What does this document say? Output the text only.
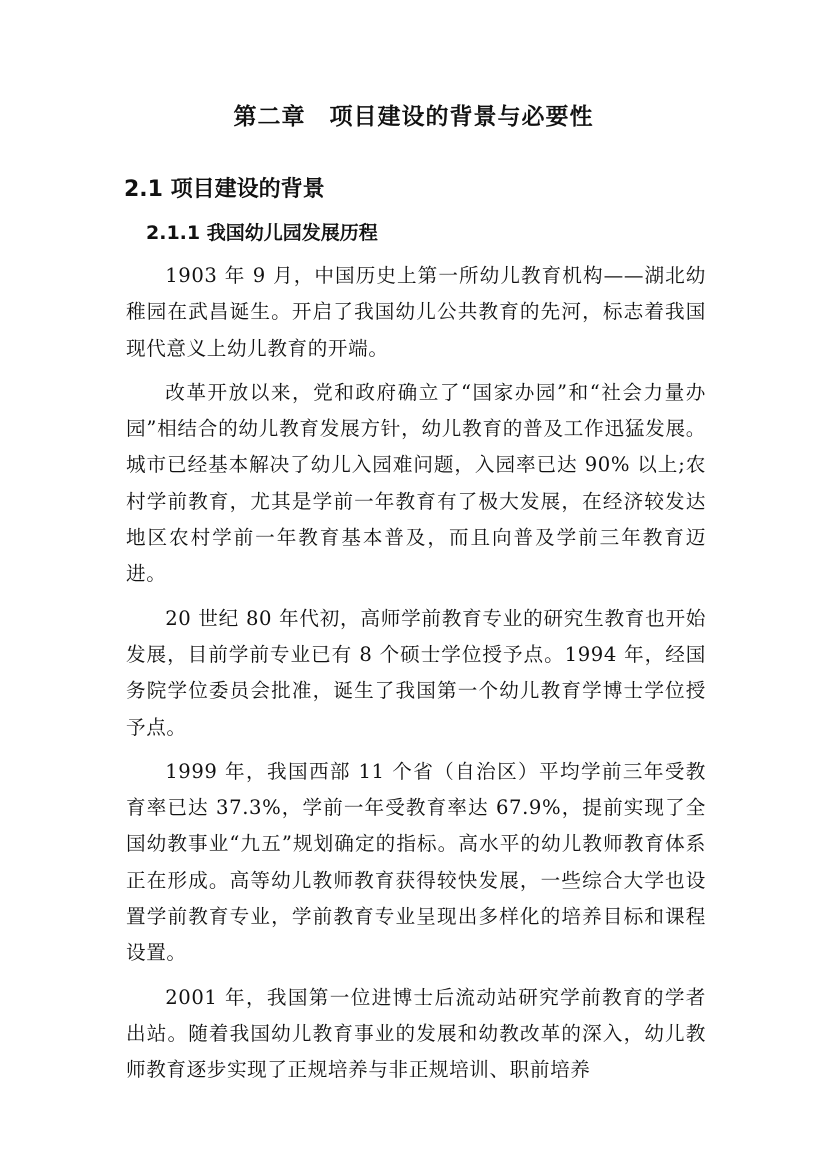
第二章　项目建设的背景与必要性
2.1 项目建设的背景
2.1.1 我国幼儿园发展历程

1903 年 9 月，中国历史上第一所幼儿教育机构——湖北幼稚园在武昌诞生。开启了我国幼儿公共教育的先河，标志着我国现代意义上幼儿教育的开端。

改革开放以来，党和政府确立了“国家办园”和“社会力量办园”相结合的幼儿教育发展方针，幼儿教育的普及工作迅猛发展。城市已经基本解决了幼儿入园难问题，入园率已达 90% 以上;农村学前教育，尤其是学前一年教育有了极大发展，在经济较发达地区农村学前一年教育基本普及，而且向普及学前三年教育迈进。

20 世纪 80 年代初，高师学前教育专业的研究生教育也开始发展，目前学前专业已有 8 个硕士学位授予点。1994 年，经国务院学位委员会批准，诞生了我国第一个幼儿教育学博士学位授予点。

1999 年，我国西部 11 个省（自治区）平均学前三年受教育率已达 37.3%，学前一年受教育率达 67.9%，提前实现了全国幼教事业“九五”规划确定的指标。高水平的幼儿教师教育体系正在形成。高等幼儿教师教育获得较快发展，一些综合大学也设置学前教育专业，学前教育专业呈现出多样化的培养目标和课程设置。

2001 年，我国第一位进博士后流动站研究学前教育的学者出站。随着我国幼儿教育事业的发展和幼教改革的深入，幼儿教师教育逐步实现了正规培养与非正规培训、职前培养
